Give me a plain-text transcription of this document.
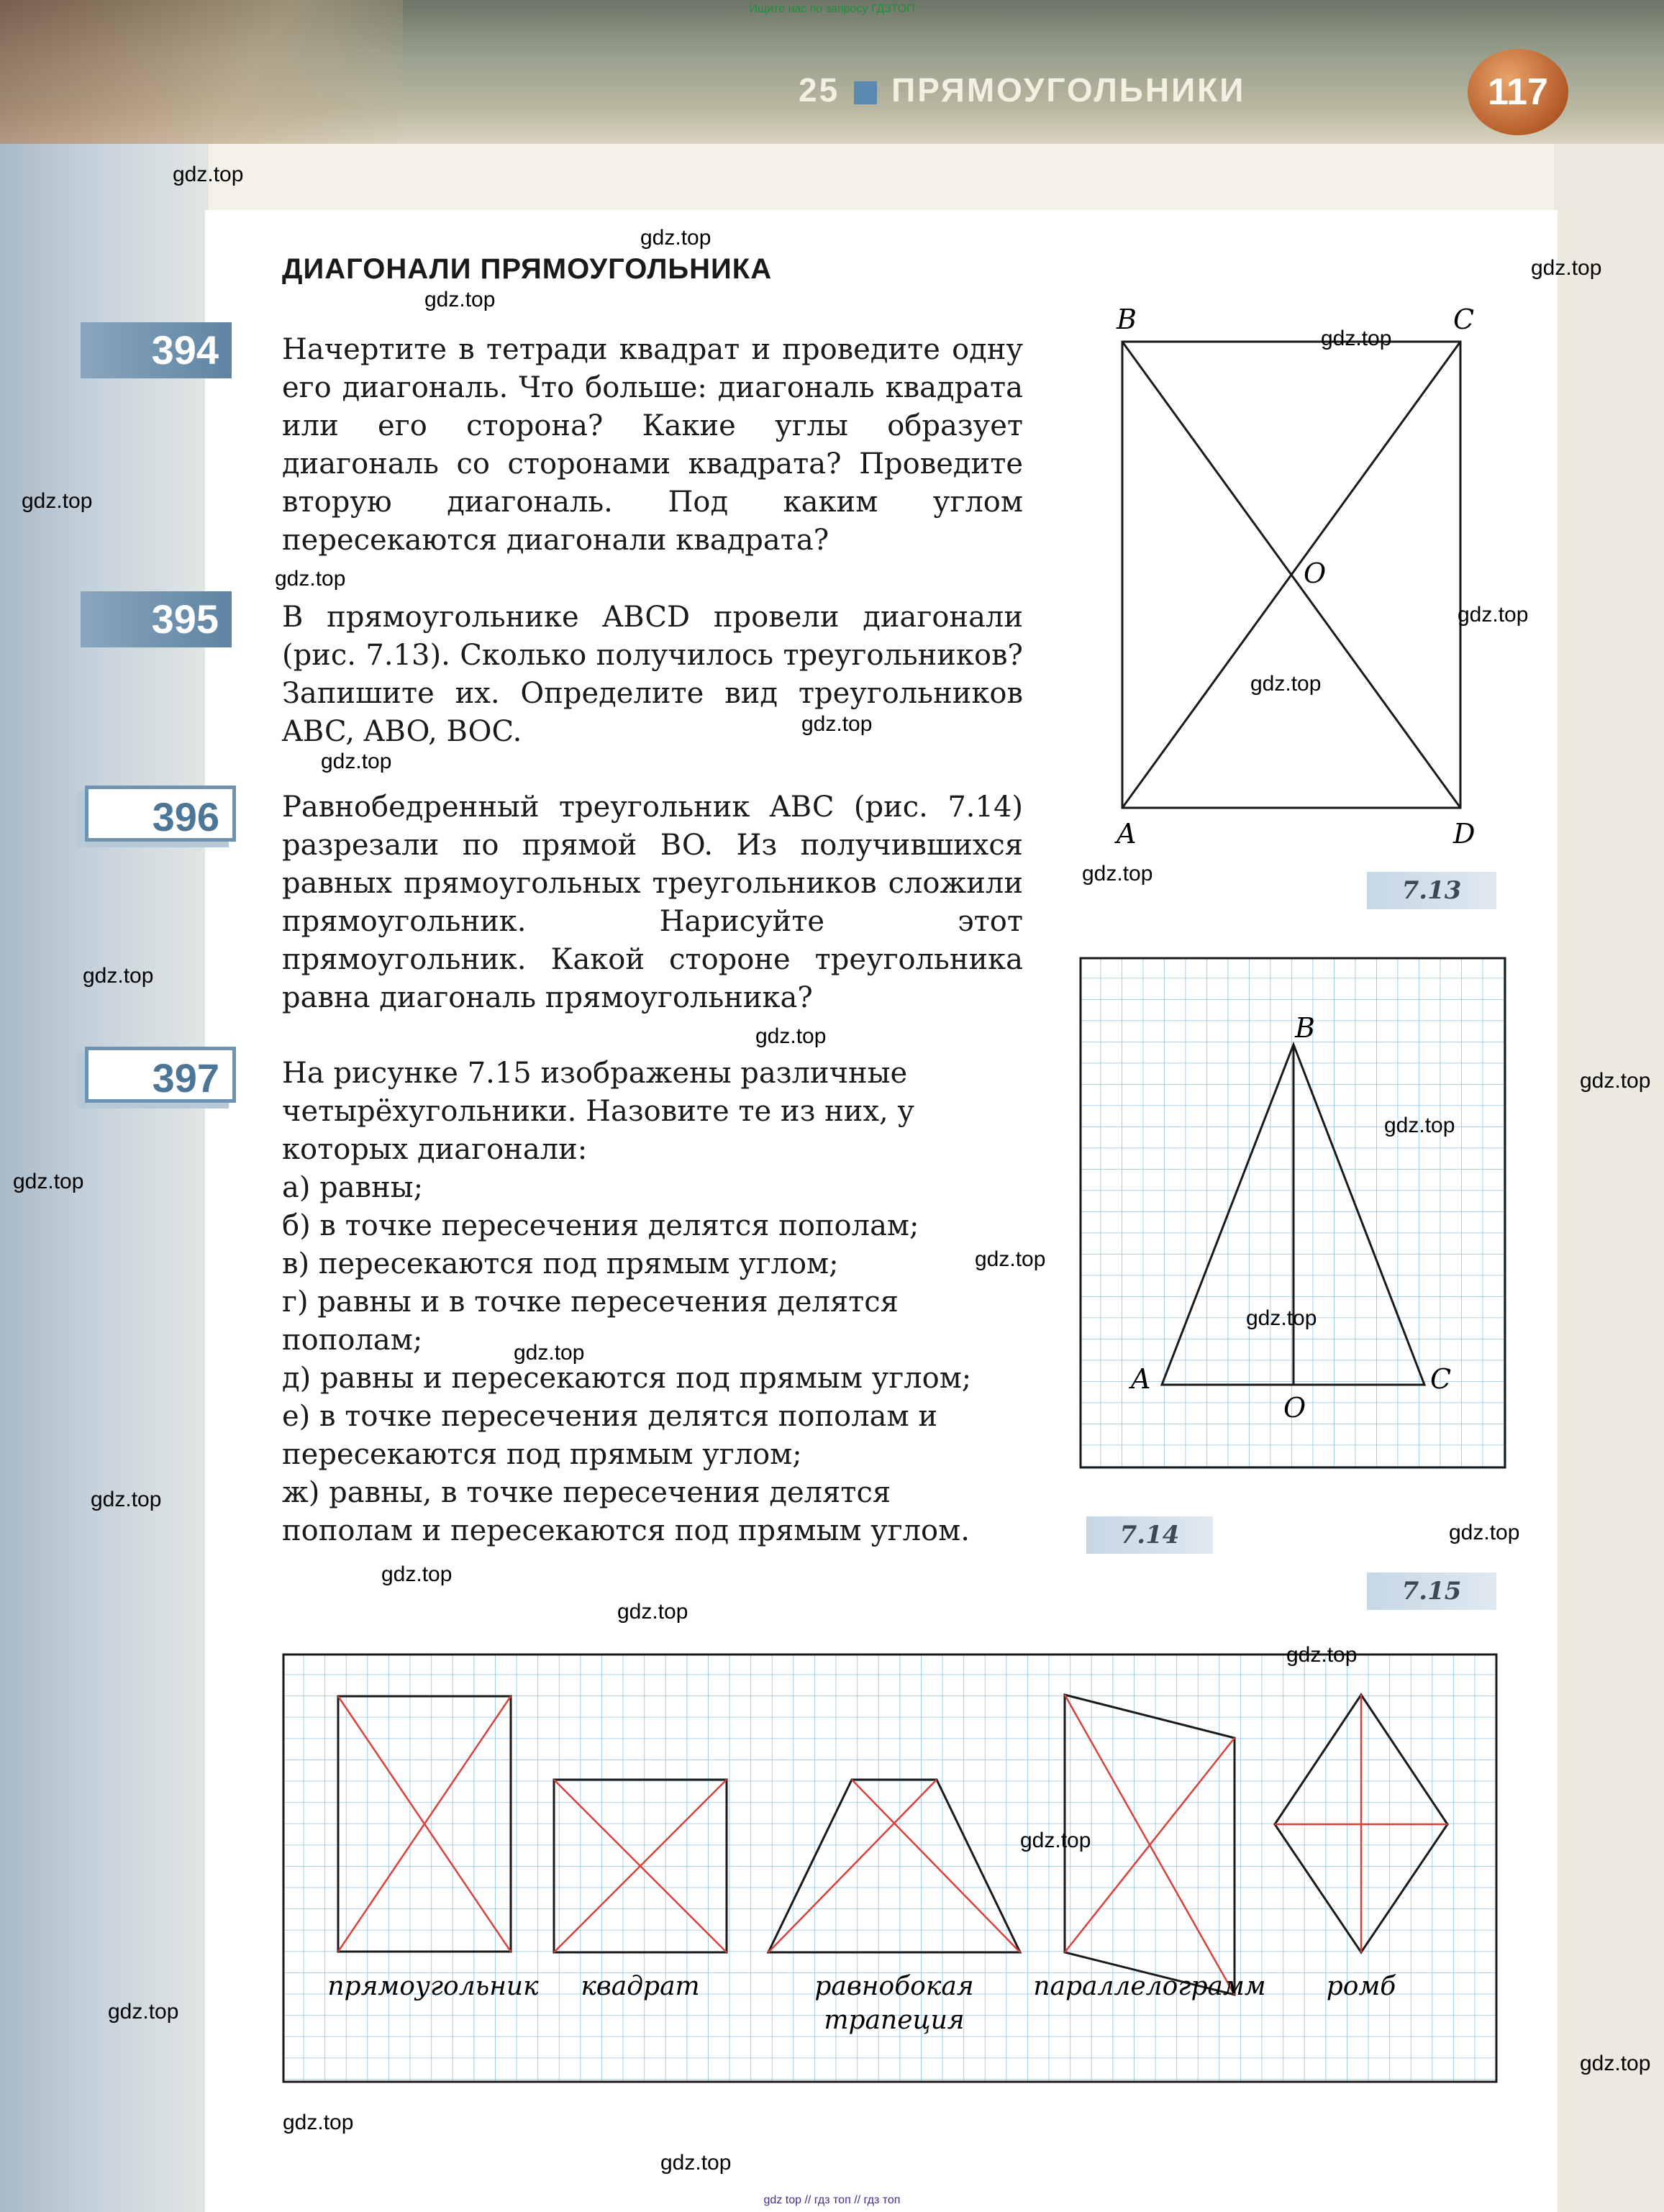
Ищите нас по запросу ГДЗТОП
25 ПРЯМОУГОЛЬНИКИ	117
ДИАГОНАЛИ ПРЯМОУГОЛЬНИКА
394
395
396
397
Начертите в тетради квадрат и проведите одну его диагональ. Что больше: диагональ квадрата или его сторона? Какие углы образует диагональ со сторонами квадрата? Проведите вторую диагональ. Под каким углом пересекаются диагонали квадрата?
В прямоугольнике ABCD провели диагонали (рис. 7.13). Сколько получилось треугольников? Запишите их. Определите вид треугольников ABC, ABO, BOC.
Равнобедренный треугольник ABC (рис. 7.14) разрезали по прямой BO. Из получившихся равных прямоугольных треугольников сложили прямоугольник. Нарисуйте этот прямоугольник. Какой стороне треугольника равна диагональ прямоугольника?
На рисунке 7.15 изображены различные четырёхугольники. Назовите те из них, у которых диагонали:
а) равны;
б) в точке пересечения делятся пополам;
в) пересекаются под прямым углом;
г) равны и в точке пересечения делятся пополам;
д) равны и пересекаются под прямым углом;
е) в точке пересечения делятся пополам и пересекаются под прямым углом;
ж) равны, в точке пересечения делятся пополам и пересекаются под прямым углом.
B	C
O
A	D
7.13
B
A	C
O
7.14
7.15
прямоугольник квадрат	равнобокая
трапеция
параллелограмм ромб
gdz.top
gdz.top
gdz.top
gdz.top
gdz.top
gdz.top
gdz.top
gdz.top
gdz.top
gdz.top
gdz.top
gdz.top
gdz.top
gdz.top
gdz.top
gdz.top
gdz.top
gdz.top
gdz.top
gdz.top
gdz.top
gdz.top
gdz.top
gdz.top
gdz.top
gdz.top
gdz.top
gdz.top
gdz.top
gdz.top
gdz top // гдз топ // гдз топ
